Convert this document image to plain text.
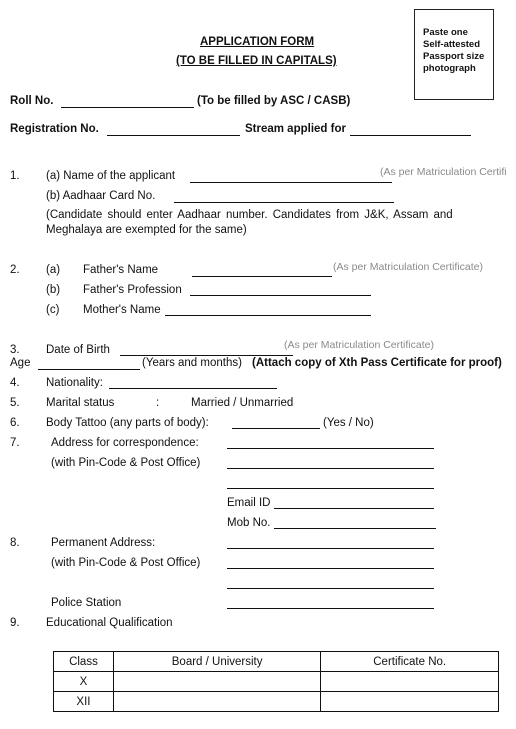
APPLICATION FORM
(TO BE FILLED IN CAPITALS)
Paste one
Self-attested
Passport size
photograph
Roll No.	(To be filled by ASC / CASB)
Registration No.	Stream applied for
1. (a) Name of the applicant	(As per Matriculation Certifi
(b) Aadhaar Card No.
(Candidate should enter Aadhaar number. Candidates from J&K, Assam and
Meghalaya are exempted for the same)
2. (a) Father's Name	(As per Matriculation Certificate)
(b) Father's Profession
(c) Mother's Name
(As per Matriculation Certificate)
3. Date of Birth
Age	(Years and months) (Attach copy of Xth Pass Certificate for proof)
4. Nationality:
5. Marital status	:	Married / Unmarried
6. Body Tattoo (any parts of body):	(Yes / No)
7.	Address for correspondence:
(with Pin-Code & Post Office)
Email ID
Mob No.
8.	Permanent Address:
(with Pin-Code & Post Office)
Police Station
9. Educational Qualification
Class	Board / University	Certificate No.
X		
XII		
